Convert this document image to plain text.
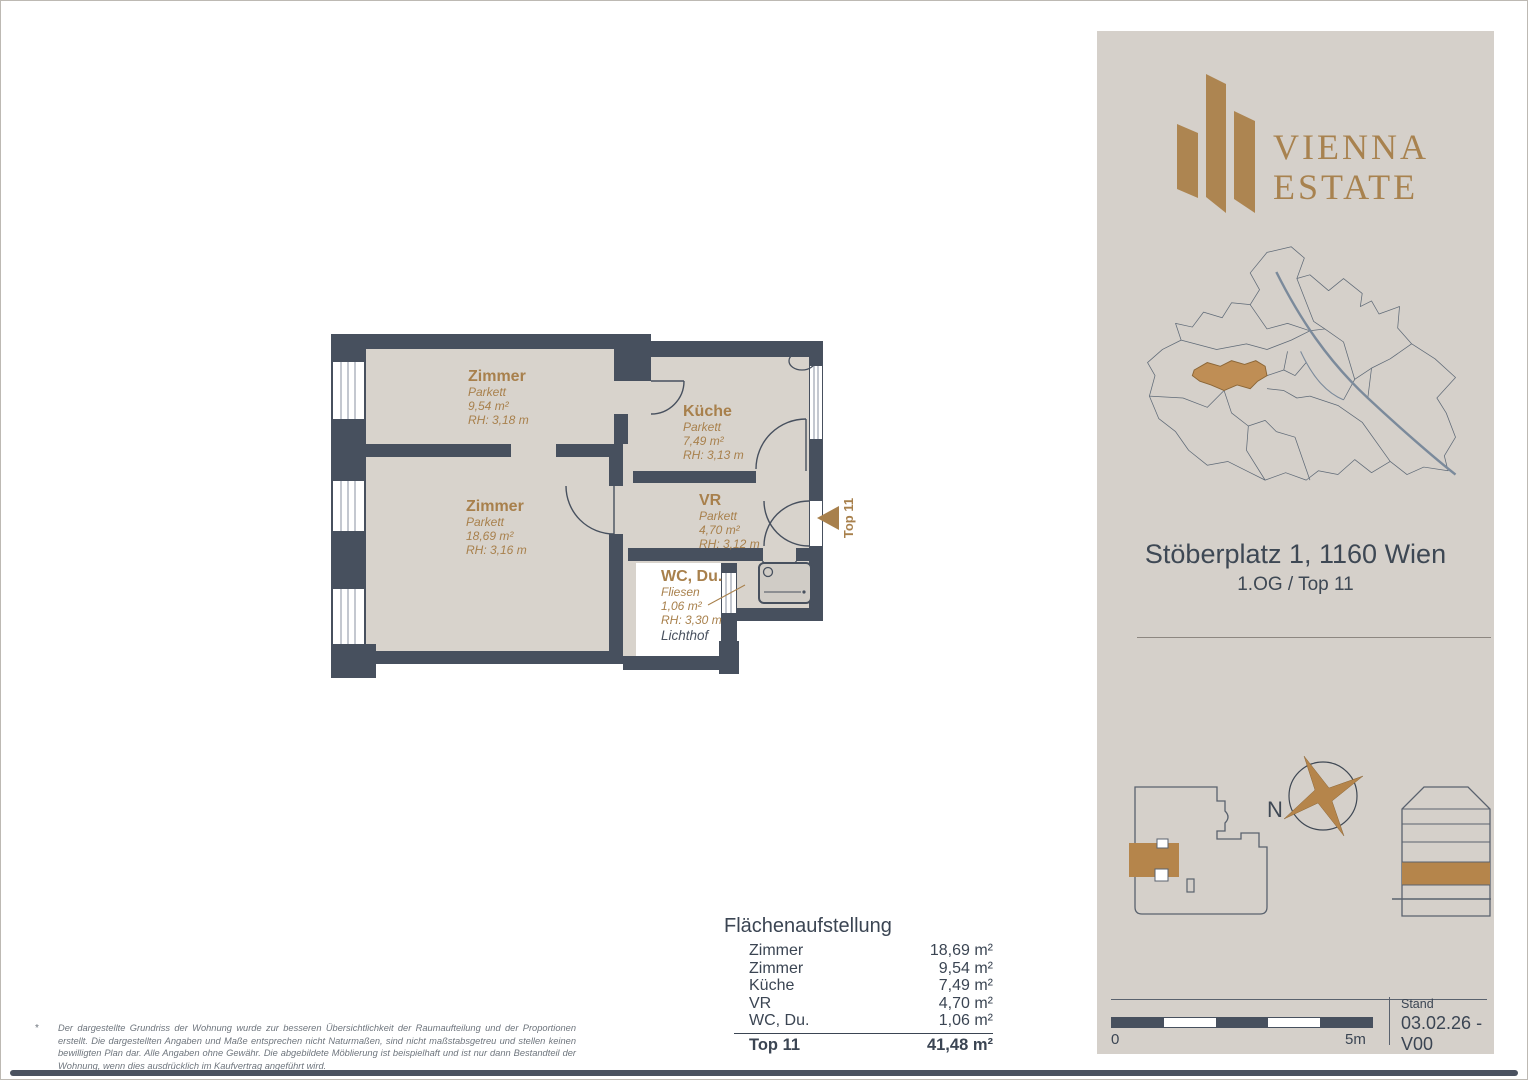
Top 11
Zimmer
Parkett
9,54 m²
RH: 3,18 m	Küche
Parkett
7,49 m²
RH: 3,13 m
Zimmer
Parkett
18,69 m²
RH: 3,16 m
VR
Parkett
4,70 m²
RH: 3,12 m
WC, Du.
Fliesen
1,06 m²
RH: 3,30 m
Lichthof
VIENNA
ESTATE
Stöberplatz 1, 1160 Wien
1.OG / Top 11
N
0	5m
Stand
03.02.26 - V00
Flächenaufstellung
Zimmer	18,69 m²
Zimmer	9,54 m²
Küche	7,49 m²
VR	4,70 m²
WC, Du.	1,06 m²
Top 11	41,48 m²
* Der dargestellte Grundriss der Wohnung wurde zur besseren Übersichtlichkeit der Raumaufteilung und der Proportionen erstellt. Die dargestellten Angaben und Maße entsprechen nicht Naturmaßen, sind nicht maßstabsgetreu und stellen keinen bewilligten Plan dar. Alle Angaben ohne Gewähr. Die abgebildete Möblierung ist beispielhaft und ist nur dann Bestandteil der Wohnung, wenn dies ausdrücklich im Kaufvertrag angeführt wird.
